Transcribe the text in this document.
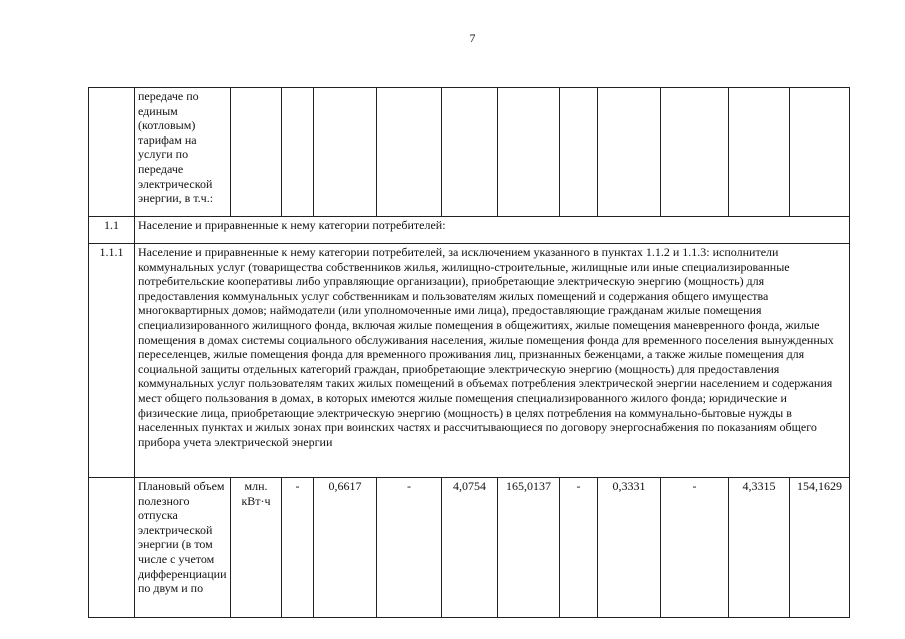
7
	передаче по единым (котловым) тарифам на услуги по передаче электрической энергии, в т.ч.:											
1.1	Население и приравненные к нему категории потребителей:											
1.1.1	Население и приравненные к нему категории потребителей, за исключением указанного в пунктах 1.1.2 и 1.1.3: исполнители коммунальных услуг (товарищества собственников жилья, жилищно-строительные, жилищные или иные специализированные потребительские кооперативы либо управляющие организации), приобретающие электрическую энергию (мощность) для предоставления коммунальных услуг собственникам и пользователям жилых помещений и содержания общего имущества многоквартирных домов; наймодатели (или уполномоченные ими лица), предоставляющие гражданам жилые помещения специализированного жилищного фонда, включая жилые помещения в общежитиях, жилые помещения маневренного фонда, жилые помещения в домах системы социального обслуживания населения, жилые помещения фонда для временного поселения вынужденных переселенцев, жилые помещения фонда для временного проживания лиц, признанных беженцами, а также жилые помещения для социальной защиты отдельных категорий граждан, приобретающие электрическую энергию (мощность) для предоставления коммунальных услуг пользователям таких жилых помещений в объемах потребления электрической энергии населением и содержания мест общего пользования в домах, в которых имеются жилые помещения специализированного жилого фонда; юридические и физические лица, приобретающие электрическую энергию (мощность) в целях потребления на коммунально-бытовые нужды в населенных пунктах и жилых зонах при воинских частях и рассчитывающиеся по договору энергоснабжения по показаниям общего прибора учета электрической энергии											
	Плановый объем полезного отпуска электрической энергии (в том числе с учетом дифференциации по двум и по	млн. кВт·ч	-	0,6617	-	4,0754	165,0137	-	0,3331	-	4,3315	154,1629
